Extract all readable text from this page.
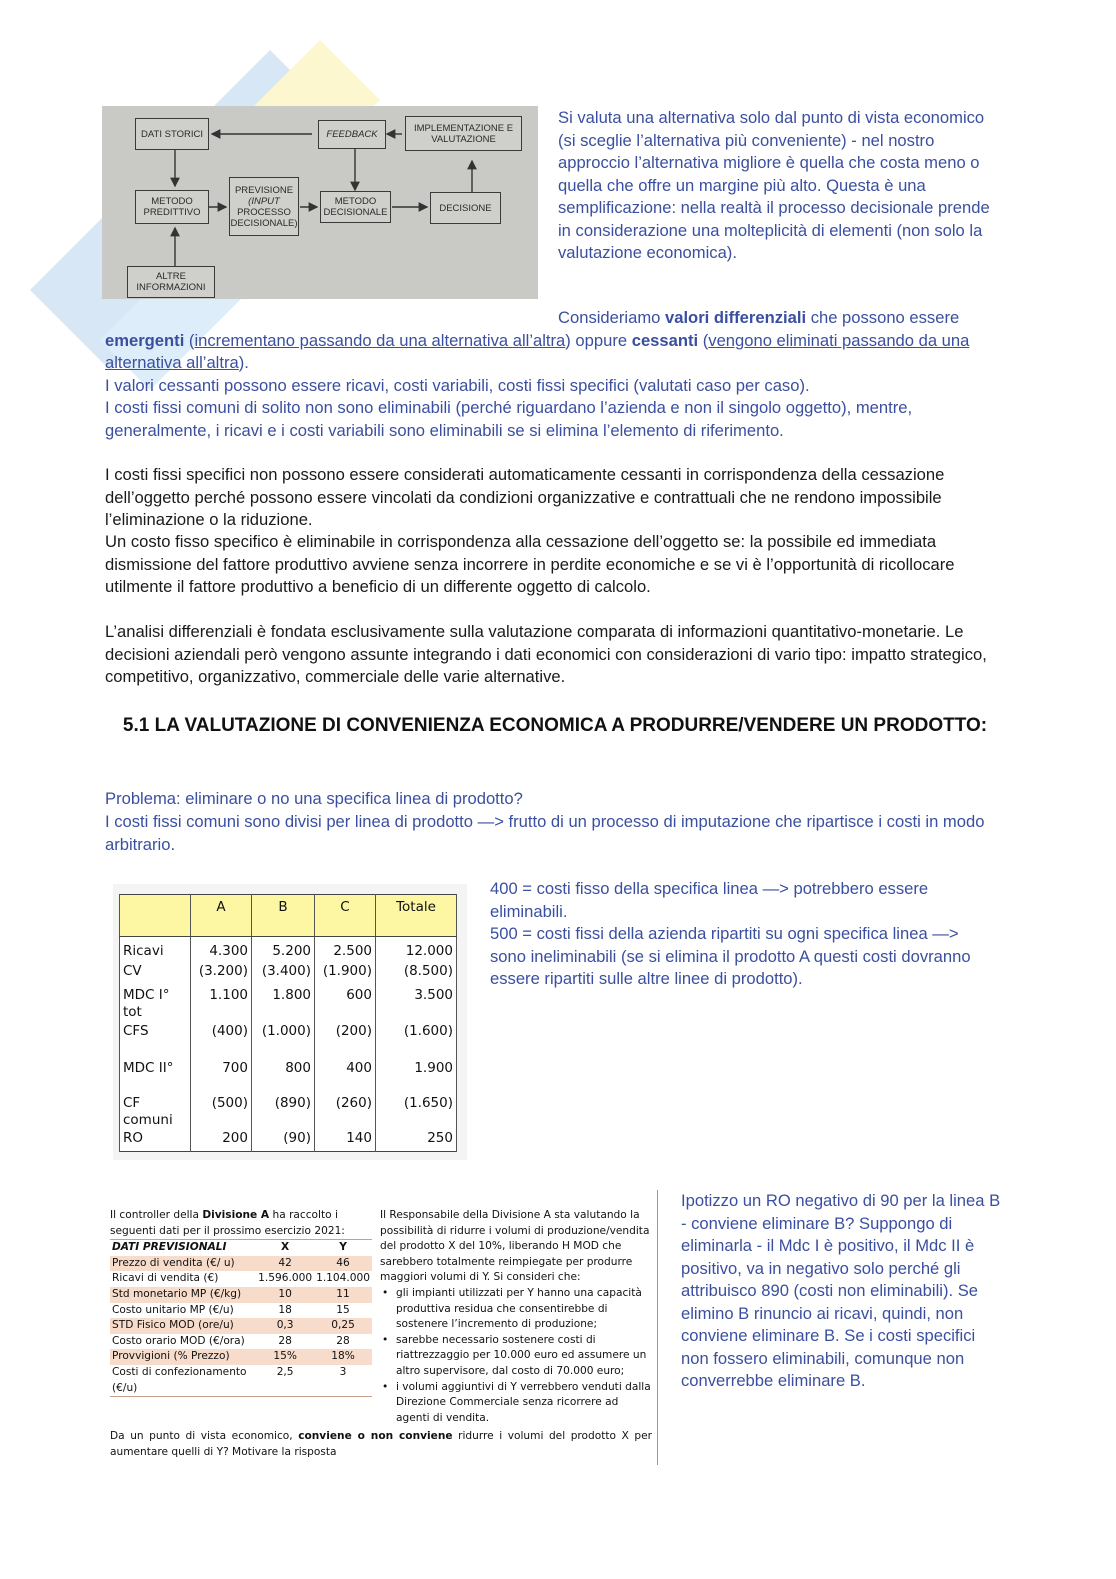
DATI STORICI	FEEDBACK
IMPLEMENTAZIONE E VALUTAZIONE
METODO PREDITTIVO
PREVISIONE
(INPUT
PROCESSO
DECISIONALE)
METODO DECISIONALE	DECISIONE
ALTRE INFORMAZIONI
Si valuta una alternativa solo dal punto di vista economico (si sceglie l’alternativa più conveniente) - nel nostro approccio l’alternativa migliore è quella che costa meno o quella che offre un margine più alto. Questa è una semplificazione: nella realtà il processo decisionale prende in considerazione una molteplicità di elementi (non solo la valutazione economica).
Consideriamo valori differenziali che possono essere emergenti (incrementano passando da una alternativa all’altra) oppure cessanti (vengono eliminati passando da una alternativa all’altra).
I valori cessanti possono essere ricavi, costi variabili, costi fissi specifici (valutati caso per caso).
I costi fissi comuni di solito non sono eliminabili (perché riguardano l’azienda e non il singolo oggetto), mentre, generalmente, i ricavi e i costi variabili sono eliminabili se si elimina l’elemento di riferimento.
I costi fissi specifici non possono essere considerati automaticamente cessanti in corrispondenza della cessazione dell’oggetto perché possono essere vincolati da condizioni organizzative e contrattuali che ne rendono impossibile l’eliminazione o la riduzione.
Un costo fisso specifico è eliminabile in corrispondenza alla cessazione dell’oggetto se: la possibile ed immediata dismissione del fattore produttivo avviene senza incorrere in perdite economiche e se vi è l’opportunità di ricollocare utilmente il fattore produttivo a beneficio di un differente oggetto di calcolo.
L’analisi differenziali è fondata esclusivamente sulla valutazione comparata di informazioni quantitativo-monetarie. Le decisioni aziendali però vengono assunte integrando i dati economici con considerazioni di vario tipo: impatto strategico, competitivo, organizzativo, commerciale delle varie alternative.
5.1 LA VALUTAZIONE DI CONVENIENZA ECONOMICA A PRODURRE/VENDERE UN PRODOTTO:
Problema: eliminare o no una specifica linea di prodotto?
I costi fissi comuni sono divisi per linea di prodotto —> frutto di un processo di imputazione che ripartisce i costi in modo arbitrario.
	A	B	C	Totale
Ricavi	4.300	5.200	2.500	12.000
CV	(3.200)	(3.400)	(1.900)	(8.500)
MDC I° tot	1.100	1.800	600	3.500
CFS	(400)	(1.000)	(200)	(1.600)
MDC II°	700	800	400	1.900
CF comuni	(500)	(890)	(260)	(1.650)
RO	200	(90)	140	250
400 = costi fisso della specifica linea —> potrebbero essere eliminabili.
500 = costi fissi della azienda ripartiti su ogni specifica linea —> sono ineliminabili (se si elimina il prodotto A questi costi dovranno essere ripartiti sulle altre linee di prodotto).
Il controller della Divisione A ha raccolto i seguenti dati per il prossimo esercizio 2021:
DATI PREVISIONALI	X	Y
Prezzo di vendita (€/ u)	42	46
Ricavi di vendita (€)	1.596.000	1.104.000
Std monetario MP (€/kg)	10	11
Costo unitario MP (€/u)	18	15
STD Fisico MOD (ore/u)	0,3	0,25
Costo orario MOD (€/ora)	28	28
Provvigioni (% Prezzo)	15%	18%
Costi di confezionamento (€/u)	2,5	3
Il Responsabile della Divisione A sta valutando la possibilità di ridurre i volumi di produzione/vendita del prodotto X del 10%, liberando H MOD che sarebbero totalmente reimpiegate per produrre maggiori volumi di Y. Si consideri che:
• gli impianti utilizzati per Y hanno una capacità produttiva residua che consentirebbe di sostenere l’incremento di produzione;
• sarebbe necessario sostenere costi di riattrezzaggio per 10.000 euro ed assumere un altro supervisore, dal costo di 70.000 euro;
• i volumi aggiuntivi di Y verrebbero venduti dalla Direzione Commerciale senza ricorrere ad agenti di vendita.
Da un punto di vista economico, conviene o non conviene ridurre i volumi del prodotto X per aumentare quelli di Y? Motivare la risposta
Ipotizzo un RO negativo di 90 per la linea B - conviene eliminare B? Suppongo di eliminarla - il Mdc I è positivo, il Mdc II è positivo, va in negativo solo perché gli attribuisco 890 (costi non eliminabili). Se elimino B rinuncio ai ricavi, quindi, non conviene eliminare B. Se i costi specifici non fossero eliminabili, comunque non converrebbe eliminare B.
